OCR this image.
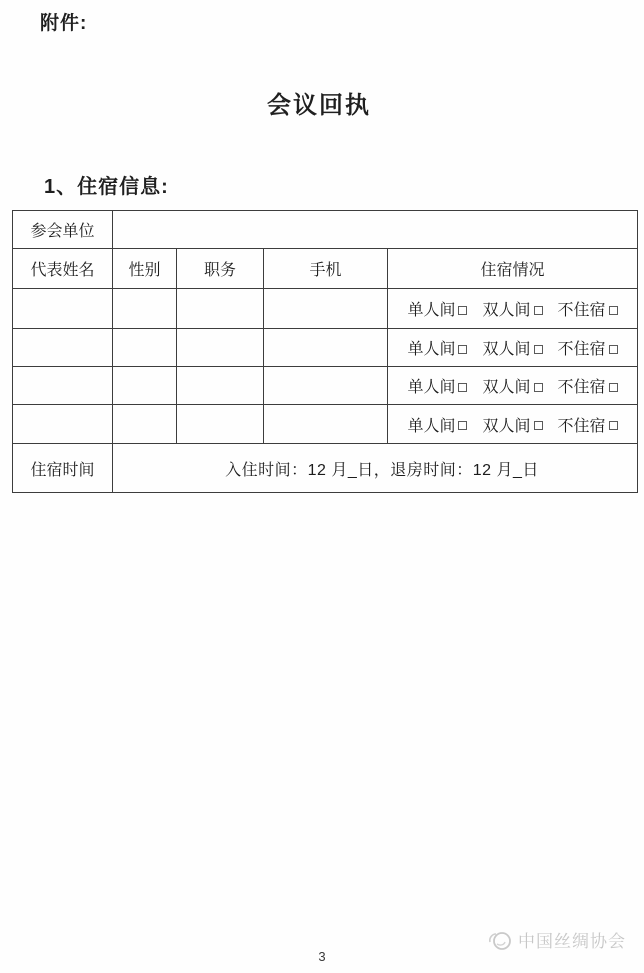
附件:
会议回执
1、住宿信息:
参会单位				
代表姓名	性别	职务	手机	住宿情况

				单人间 双人间 不住宿

				单人间 双人间 不住宿

				单人间 双人间 不住宿

				单人间 双人间 不住宿

住宿时间	入住时间：12 月_日，退房时间：12 月_日			
中国丝绸协会
3
